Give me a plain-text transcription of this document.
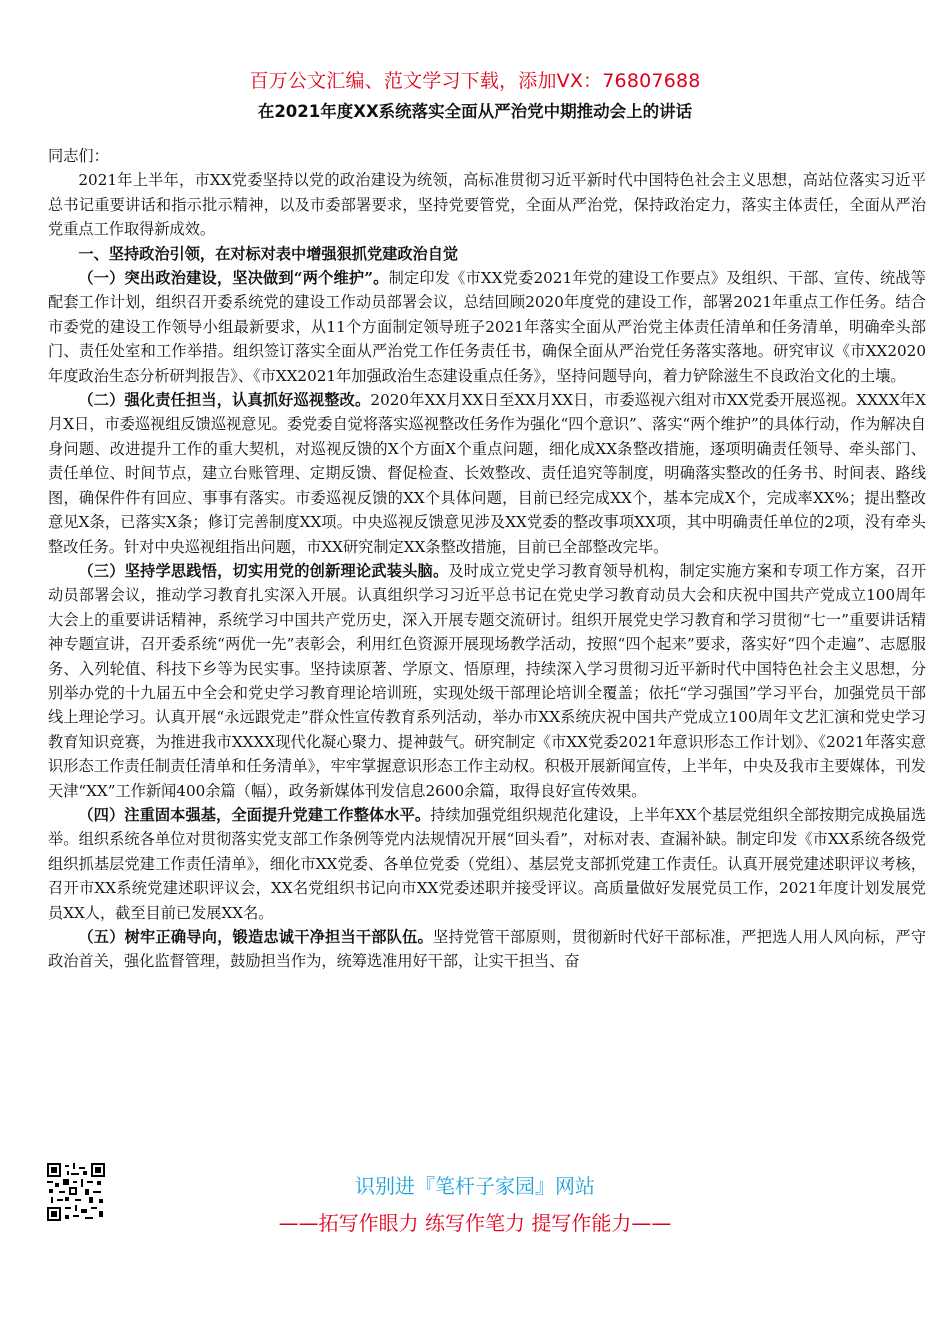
百万公文汇编、范文学习下载，添加VX：76807688
在2021年度XX系统落实全面从严治党中期推动会上的讲话

同志们：

2021年上半年，市XX党委坚持以党的政治建设为统领，高标准贯彻习近平新时代中国特色社会主义思想，高站位落实习近平总书记重要讲话和指示批示精神，以及市委部署要求，坚持党要管党，全面从严治党，保持政治定力，落实主体责任，全面从严治党重点工作取得新成效。

一、坚持政治引领，在对标对表中增强狠抓党建政治自觉

（一）突出政治建设，坚决做到“两个维护”。制定印发《市XX党委2021年党的建设工作要点》及组织、干部、宣传、统战等配套工作计划，组织召开委系统党的建设工作动员部署会议，总结回顾2020年度党的建设工作，部署2021年重点工作任务。结合市委党的建设工作领导小组最新要求，从11个方面制定领导班子2021年落实全面从严治党主体责任清单和任务清单，明确牵头部门、责任处室和工作举措。组织签订落实全面从严治党工作任务责任书，确保全面从严治党任务落实落地。研究审议《市XX2020年度政治生态分析研判报告》、《市XX2021年加强政治生态建设重点任务》，坚持问题导向，着力铲除滋生不良政治文化的土壤。

（二）强化责任担当，认真抓好巡视整改。2020年XX月XX日至XX月XX日，市委巡视六组对市XX党委开展巡视。XXXX年X月X日，市委巡视组反馈巡视意见。委党委自觉将落实巡视整改任务作为强化“四个意识”、落实“两个维护”的具体行动，作为解决自身问题、改进提升工作的重大契机，对巡视反馈的X个方面X个重点问题，细化成XX条整改措施，逐项明确责任领导、牵头部门、责任单位、时间节点，建立台账管理、定期反馈、督促检查、长效整改、责任追究等制度，明确落实整改的任务书、时间表、路线图，确保件件有回应、事事有落实。市委巡视反馈的XX个具体问题，目前已经完成XX个，基本完成X个，完成率XX%；提出整改意见X条，已落实X条；修订完善制度XX项。中央巡视反馈意见涉及XX党委的整改事项XX项，其中明确责任单位的2项，没有牵头整改任务。针对中央巡视组指出问题，市XX研究制定XX条整改措施，目前已全部整改完毕。

（三）坚持学思践悟，切实用党的创新理论武装头脑。及时成立党史学习教育领导机构，制定实施方案和专项工作方案，召开动员部署会议，推动学习教育扎实深入开展。认真组织学习习近平总书记在党史学习教育动员大会和庆祝中国共产党成立100周年大会上的重要讲话精神，系统学习中国共产党历史，深入开展专题交流研讨。组织开展党史学习教育和学习贯彻“七一”重要讲话精神专题宣讲，召开委系统“两优一先”表彰会，利用红色资源开展现场教学活动，按照“四个起来”要求，落实好“四个走遍”、志愿服务、入列轮值、科技下乡等为民实事。坚持读原著、学原文、悟原理，持续深入学习贯彻习近平新时代中国特色社会主义思想，分别举办党的十九届五中全会和党史学习教育理论培训班，实现处级干部理论培训全覆盖；依托“学习强国”学习平台，加强党员干部线上理论学习。认真开展“永远跟党走”群众性宣传教育系列活动，举办市XX系统庆祝中国共产党成立100周年文艺汇演和党史学习教育知识竞赛，为推进我市XXXX现代化凝心聚力、提神鼓气。研究制定《市XX党委2021年意识形态工作计划》、《2021年落实意识形态工作责任制责任清单和任务清单》，牢牢掌握意识形态工作主动权。积极开展新闻宣传，上半年，中央及我市主要媒体，刊发天津“XX”工作新闻400余篇（幅），政务新媒体刊发信息2600余篇，取得良好宣传效果。

（四）注重固本强基，全面提升党建工作整体水平。持续加强党组织规范化建设，上半年XX个基层党组织全部按期完成换届选举。组织系统各单位对贯彻落实党支部工作条例等党内法规情况开展“回头看”，对标对表、查漏补缺。制定印发《市XX系统各级党组织抓基层党建工作责任清单》，细化市XX党委、各单位党委（党组）、基层党支部抓党建工作责任。认真开展党建述职评议考核，召开市XX系统党建述职评议会，XX名党组织书记向市XX党委述职并接受评议。高质量做好发展党员工作，2021年度计划发展党员XX人，截至目前已发展XX名。

（五）树牢正确导向，锻造忠诚干净担当干部队伍。坚持党管干部原则，贯彻新时代好干部标准，严把选人用人风向标，严守政治首关，强化监督管理，鼓励担当作为，统筹选准用好干部，让实干担当、奋

识别进『笔杆子家园』网站
——拓写作眼力 练写作笔力 提写作能力——
